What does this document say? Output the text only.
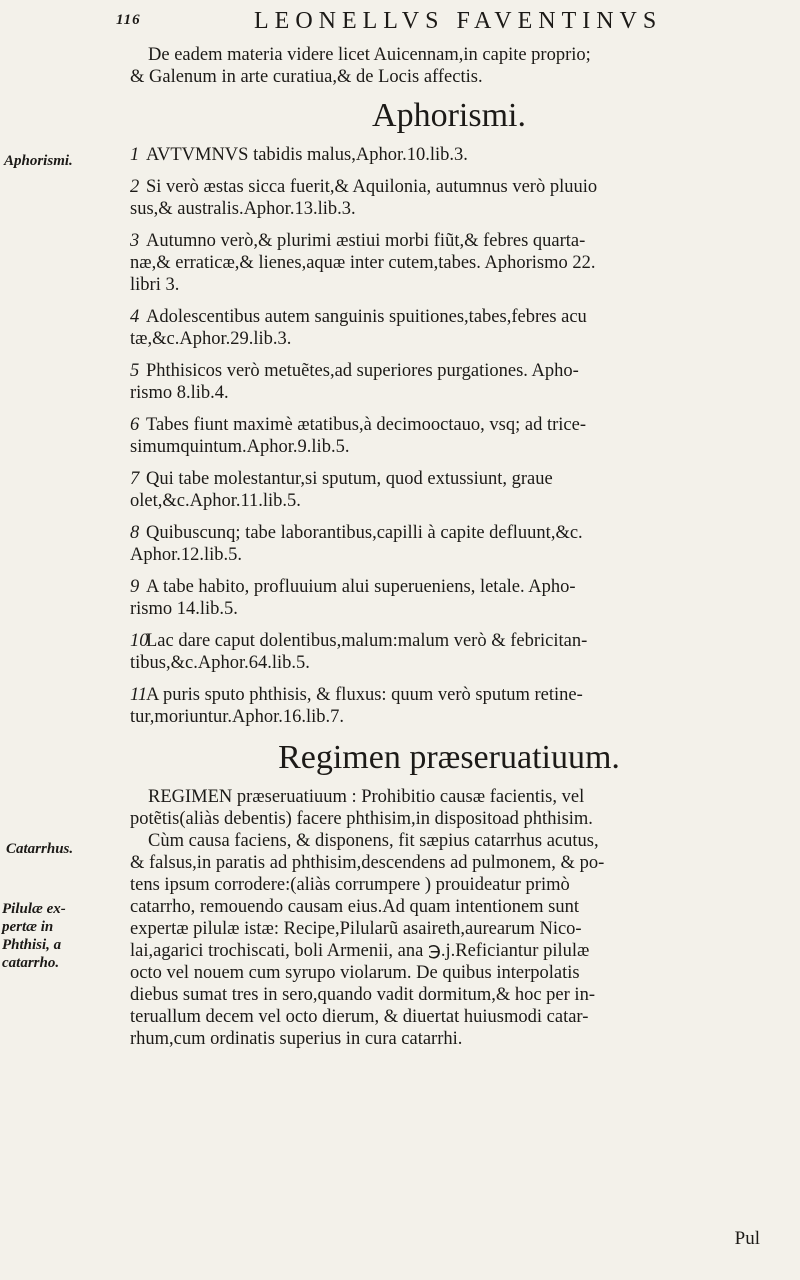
116	LEONELLVS FAVENTINVS
Aphorismi.
Catarrhus.
Pilulæ ex-
pertæ in
Phthisi, a
catarrho.
De eadem materia videre licet Auicennam,in capite proprio;
& Galenum in arte curatiua,& de Locis affectis.
Aphorismi.
1 AVTVMNVS tabidis malus,Aphor.10.lib.3.
2 Si verò æstas sicca fuerit,& Aquilonia, autumnus verò pluuio
sus,& australis.Aphor.13.lib.3.
3 Autumno verò,& plurimi æstiui morbi fiũt,& febres quarta-
næ,& erraticæ,& lienes,aquæ inter cutem,tabes. Aphorismo 22.
libri 3.
4 Adolescentibus autem sanguinis spuitiones,tabes,febres acu
tæ,&c.Aphor.29.lib.3.
5 Phthisicos verò metuẽtes,ad superiores purgationes. Apho-
rismo 8.lib.4.
6 Tabes fiunt maximè ætatibus,à decimooctauo, vsq; ad trice-
simumquintum.Aphor.9.lib.5.
7 Qui tabe molestantur,si sputum, quod extussiunt, graue
olet,&c.Aphor.11.lib.5.
8 Quibuscunq; tabe laborantibus,capilli à capite defluunt,&c.
Aphor.12.lib.5.
9 A tabe habito, profluuium alui superueniens, letale. Apho-
rismo 14.lib.5.
10Lac dare caput dolentibus,malum:malum verò & febricitan-
tibus,&c.Aphor.64.lib.5.
11A puris sputo phthisis, & fluxus: quum verò sputum retine-
tur,moriuntur.Aphor.16.lib.7.
Regimen præseruatiuum.
REGIMEN præseruatiuum : Prohibitio causæ facientis, vel
potẽtis(aliàs debentis) facere phthisim,in dispositoad phthisim.
Cùm causa faciens, & disponens, fit sæpius catarrhus acutus,
& falsus,in paratis ad phthisim,descendens ad pulmonem, & po-
tens ipsum corrodere:(aliàs corrumpere ) prouideatur primò
catarrho, remouendo causam eius.Ad quam intentionem sunt
expertæ pilulæ istæ: Recipe,Pilularũ asaireth,aurearum Nico-
lai,agarici trochiscati, boli Armenii, ana ℈.j.Reficiantur pilulæ
octo vel nouem cum syrupo violarum. De quibus interpolatis
diebus sumat tres in sero,quando vadit dormitum,& hoc per in-
teruallum decem vel octo dierum, & diuertat huiusmodi catar-
rhum,cum ordinatis superius in cura catarrhi.
Pul
